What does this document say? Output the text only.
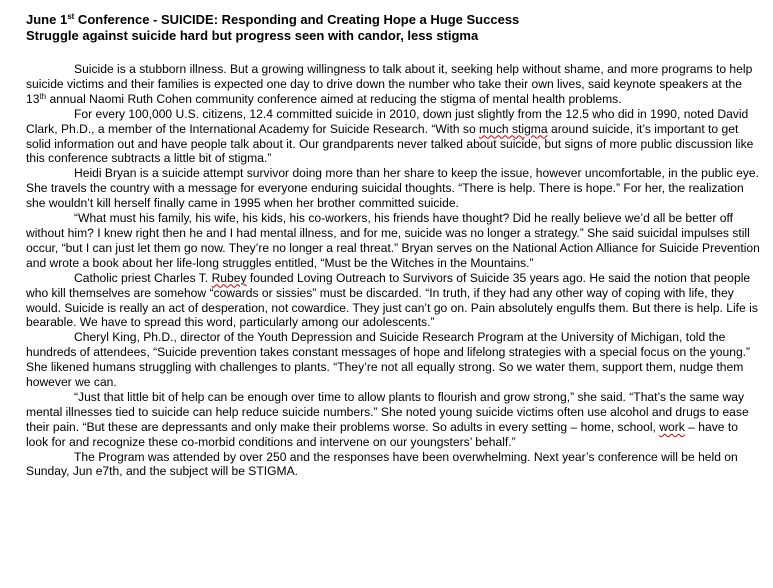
June 1st Conference - SUICIDE: Responding and Creating Hope a Huge Success
Struggle against suicide hard but progress seen with candor, less stigma

Suicide is a stubborn illness. But a growing willingness to talk about it, seeking help without shame, and more programs to help suicide victims and their families is expected one day to drive down the number who take their own lives, said keynote speakers at the 13th annual Naomi Ruth Cohen community conference aimed at reducing the stigma of mental health problems.

For every 100,000 U.S. citizens, 12.4 committed suicide in 2010, down just slightly from the 12.5 who did in 1990, noted David Clark, Ph.D., a member of the International Academy for Suicide Research. “With so much stigma around suicide, it’s important to get solid information out and have people talk about it. Our grandparents never talked about suicide, but signs of more public discussion like this conference subtracts a little bit of stigma.”

Heidi Bryan is a suicide attempt survivor doing more than her share to keep the issue, however uncomfortable, in the public eye. She travels the country with a message for everyone enduring suicidal thoughts. “There is help. There is hope.” For her, the realization she wouldn’t kill herself finally came in 1995 when her brother committed suicide.

“What must his family, his wife, his kids, his co-workers, his friends have thought? Did he really believe we’d all be better off without him? I knew right then he and I had mental illness, and for me, suicide was no longer a strategy.” She said suicidal impulses still occur, “but I can just let them go now. They’re no longer a real threat.” Bryan serves on the National Action Alliance for Suicide Prevention and wrote a book about her life-long struggles entitled, “Must be the Witches in the Mountains.”

Catholic priest Charles T. Rubey founded Loving Outreach to Survivors of Suicide 35 years ago. He said the notion that people who kill themselves are somehow “cowards or sissies” must be discarded. “In truth, if they had any other way of coping with life, they would. Suicide is really an act of desperation, not cowardice. They just can’t go on. Pain absolutely engulfs them. But there is help. Life is bearable. We have to spread this word, particularly among our adolescents.”

Cheryl King, Ph.D., director of the Youth Depression and Suicide Research Program at the University of Michigan, told the hundreds of attendees, “Suicide prevention takes constant messages of hope and lifelong strategies with a special focus on the young.” She likened humans struggling with challenges to plants. “They’re not all equally strong. So we water them, support them, nudge them however we can.

“Just that little bit of help can be enough over time to allow plants to flourish and grow strong,” she said. “That’s the same way mental illnesses tied to suicide can help reduce suicide numbers.” She noted young suicide victims often use alcohol and drugs to ease their pain. “But these are depressants and only make their problems worse. So adults in every setting – home, school, work – have to look for and recognize these co-morbid conditions and intervene on our youngsters’ behalf.”

The Program was attended by over 250 and the responses have been overwhelming. Next year’s conference will be held on Sunday, Jun e7th, and the subject will be STIGMA.
